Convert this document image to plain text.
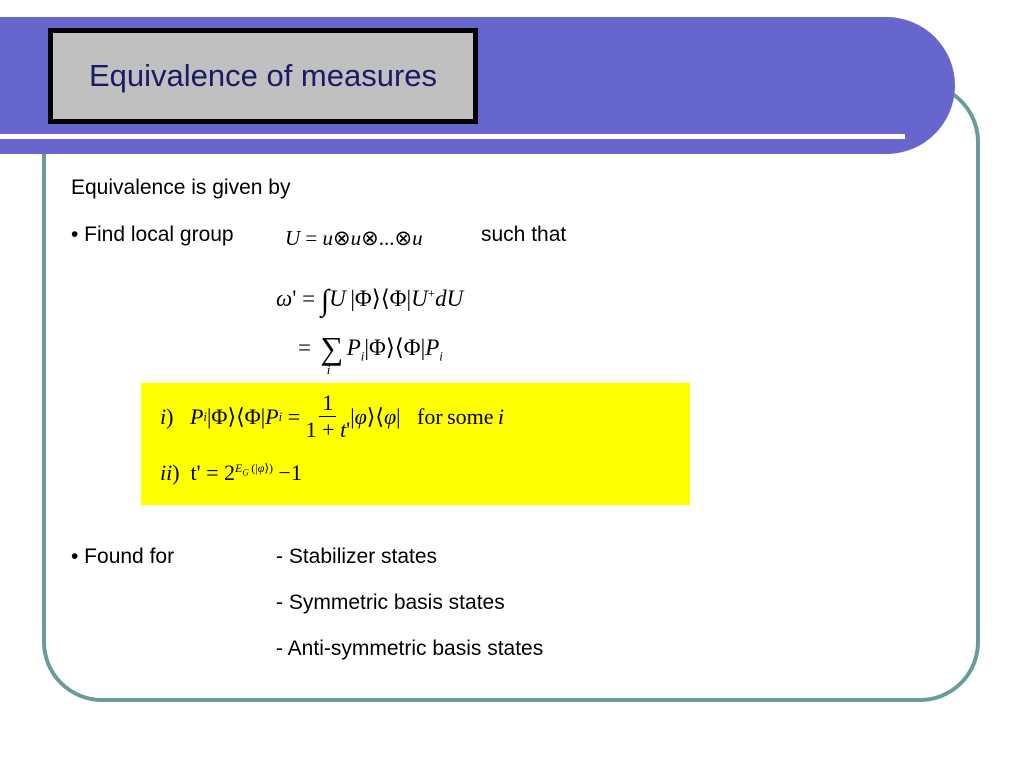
Equivalence of measures
Equivalence is given by
• Find local group U = u⊗u⊗...⊗u	such that
ω' = ∫U |Φ⟩⟨Φ|U+dU
= ∑
i
$P_i|\Phi⟩⟨\Phi|P_i$
i ) P i |Φ⟩⟨Φ| P $i = \frac{1}{1 + t'}$ | φ ⟩⟨ φ |   for some  i
ii)  $t' = 2^{E_G (|\varphi⟩)} -1$
• Found for	- Stabilizer states
- Symmetric basis states
- Anti-symmetric basis states
